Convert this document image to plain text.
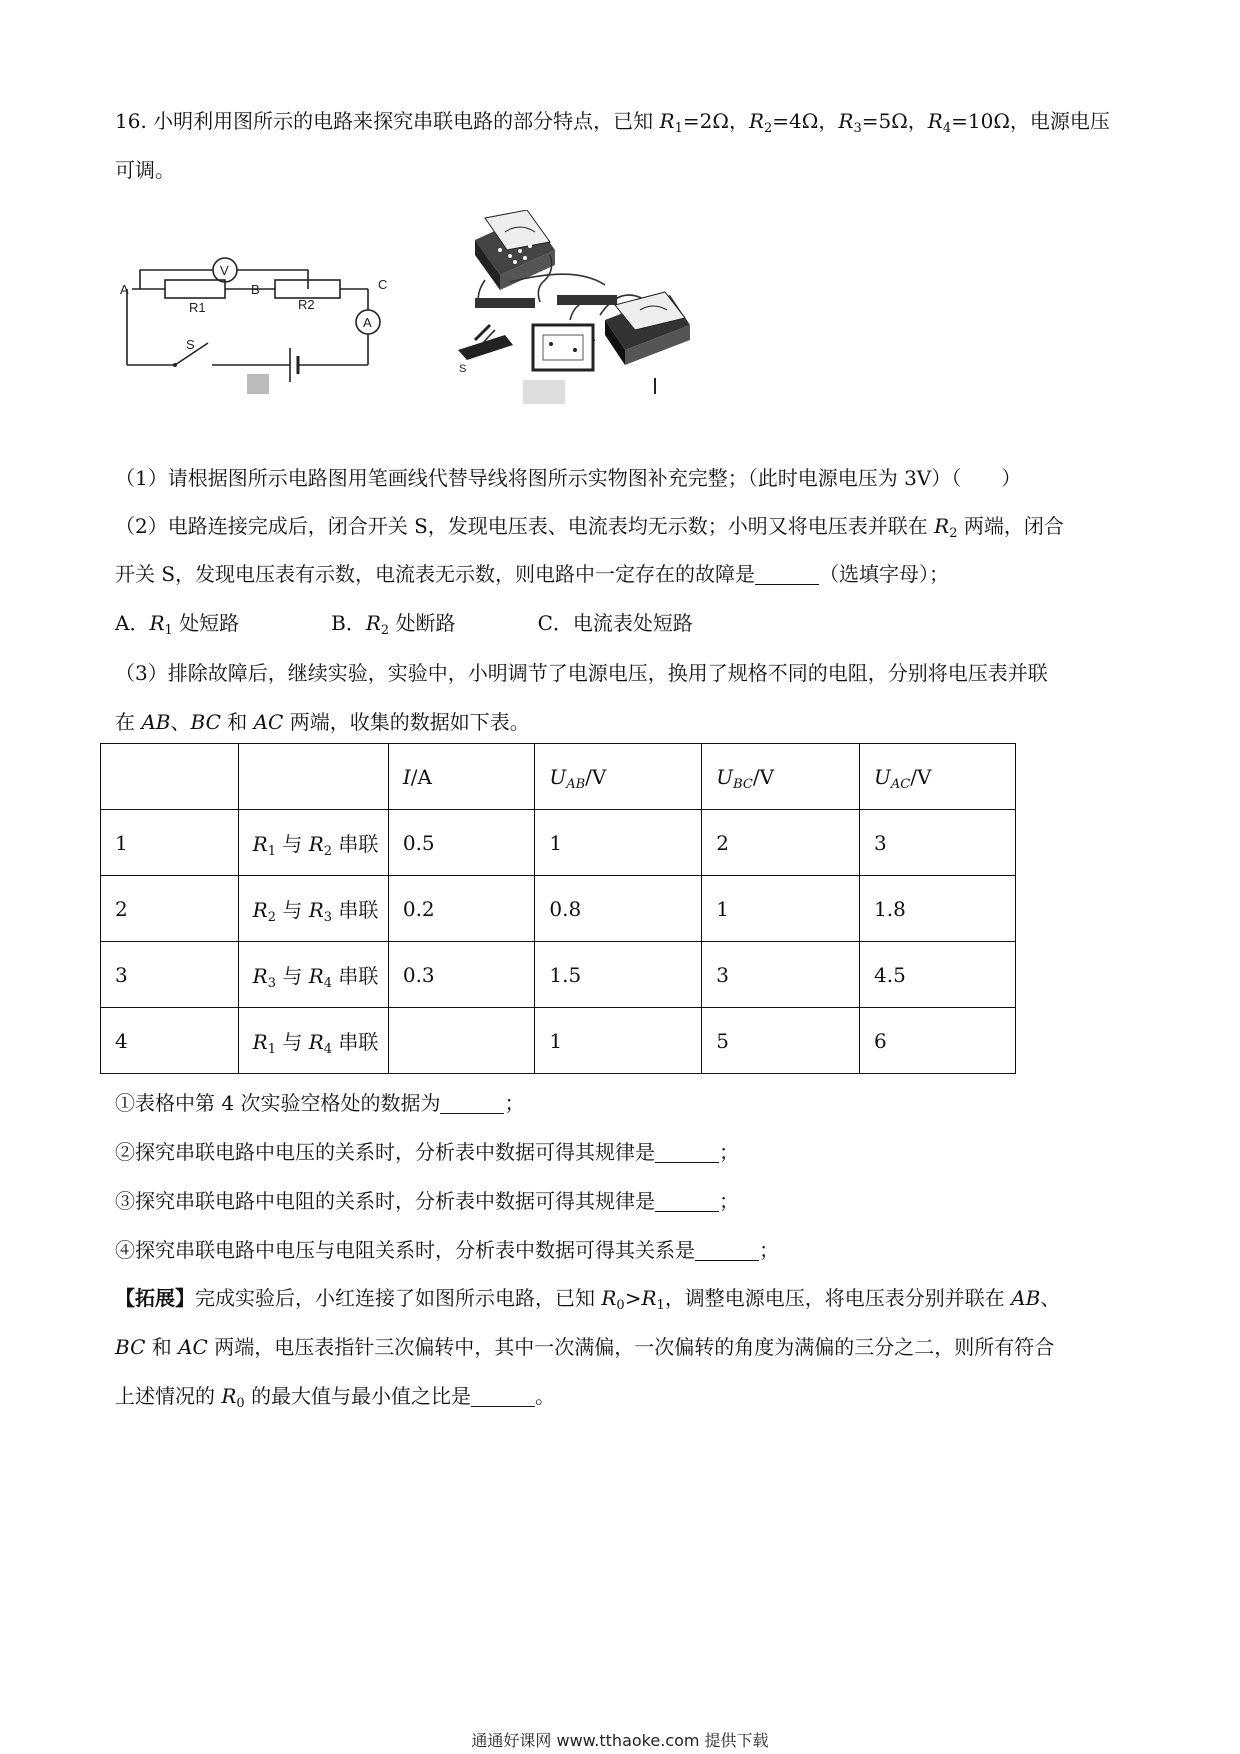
16. 小明利用图所示的电路来探究串联电路的部分特点，已知 $R_1=2\Omega$，$R_2=4\Omega$，$R_3=5\Omega$，$R_4=10\Omega$，电源电压
可调。
A	B	C
R1	R2
V
A
S
S
（1）请根据图所示电路图用笔画线代替导线将图所示实物图补充完整；（此时电源电压为 3V）（　　）
（2）电路连接完成后，闭合开关 S，发现电压表、电流表均无示数；小明又将电压表并联在 $R_2$ 两端，闭合
开关 S，发现电压表有示数，电流表无示数，则电路中一定存在的故障是	（选填字母）；
A．$R_1$ 处短路	B．$R_2$ 处断路	C．电流表处短路
（3）排除故障后，继续实验，实验中，小明调节了电源电压，换用了规格不同的电阻，分别将电压表并联
在 AB、BC 和 AC 两端，收集的数据如下表。
		I/A	$U_{AB}/V$	$U_{BC}/V$	$U_{AC}/V$
1	$R_1$ 与 $R_2$ 串联	0.5	1	2	3
2	$R_2$ 与 $R_3$ 串联	0.2	0.8	1	1.8
3	$R_3$ 与 $R_4$ 串联	0.3	1.5	3	4.5
4	$R_1$ 与 $R_4$ 串联		1	5	6
①表格中第 4 次实验空格处的数据为	；
②探究串联电路中电压的关系时，分析表中数据可得其规律是	；
③探究串联电路中电阻的关系时，分析表中数据可得其规律是	；
④探究串联电路中电压与电阻关系时，分析表中数据可得其关系是	；
【拓展】完成实验后，小红连接了如图所示电路，已知 $R_0>R_1$，调整电源电压，将电压表分别并联在 AB、
BC 和 AC 两端，电压表指针三次偏转中，其中一次满偏，一次偏转的角度为满偏的三分之二，则所有符合
上述情况的 $R_0$ 的最大值与最小值之比是	。
通通好课网 www.tthaoke.com 提供下载
